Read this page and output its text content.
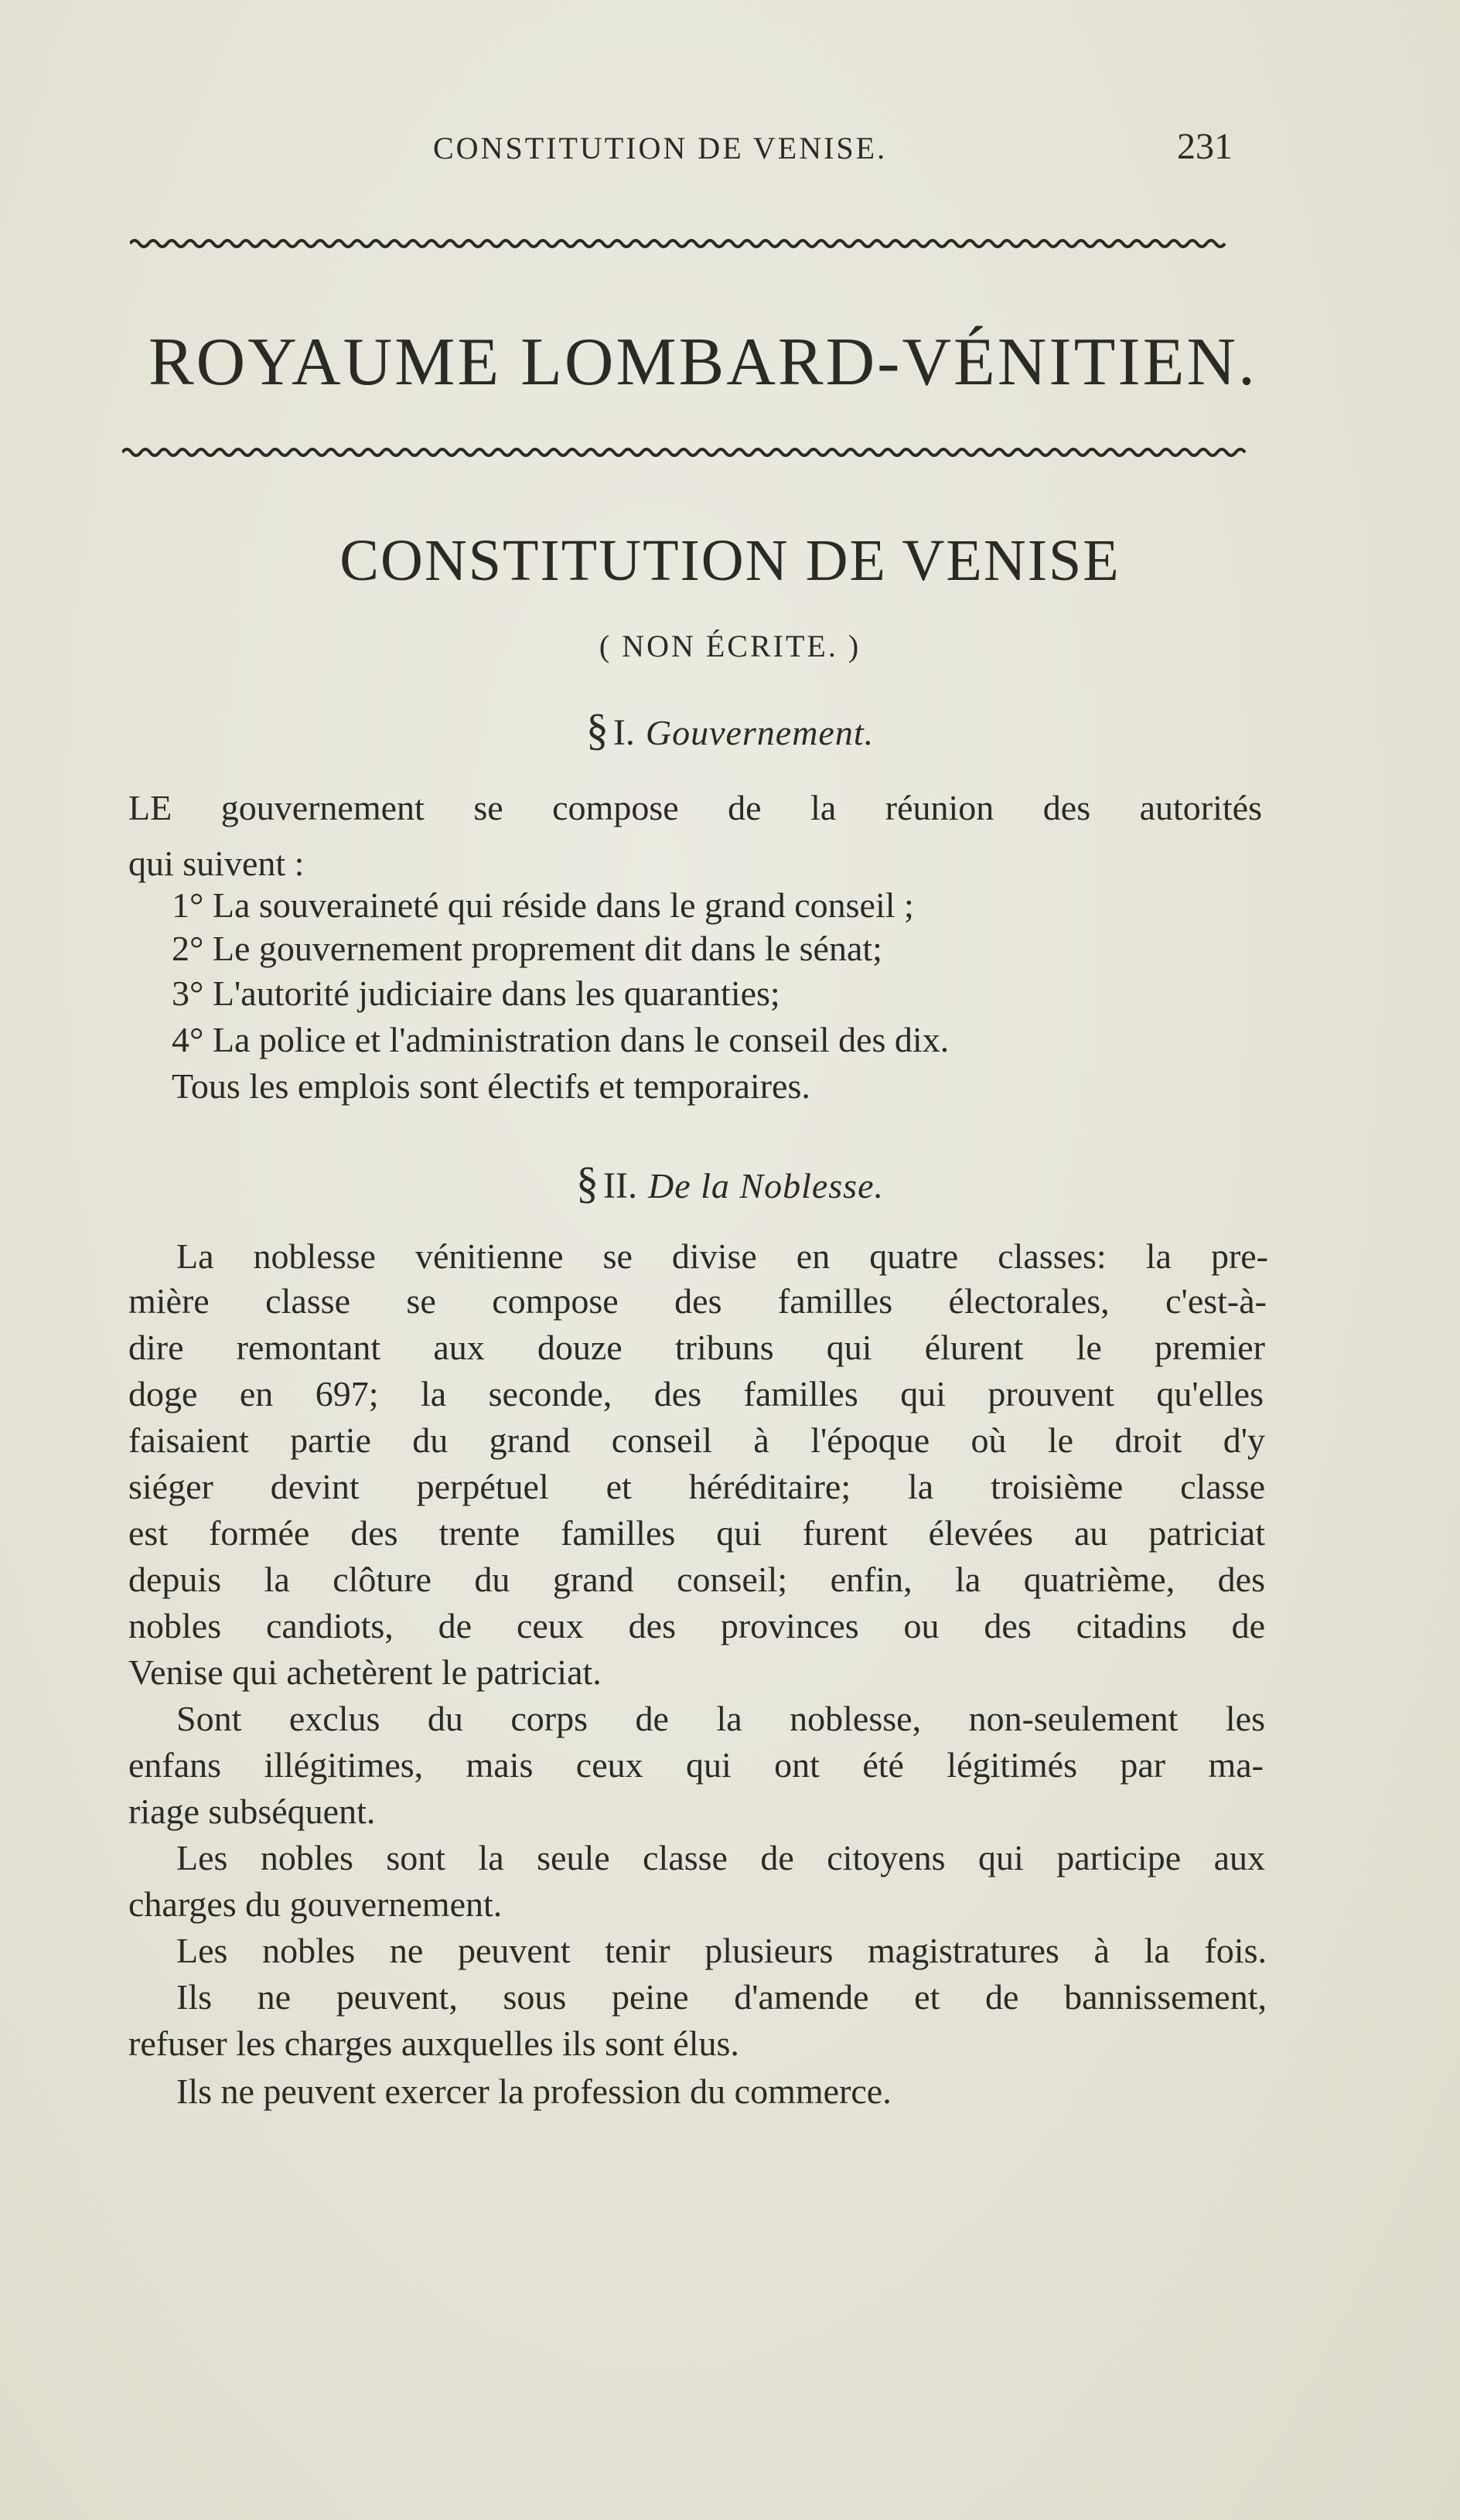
CONSTITUTION DE VENISE.	231
ROYAUME LOMBARD-VÉNITIEN.
CONSTITUTION DE VENISE
( NON ÉCRITE. )
§ I. Gouvernement.
LE gouvernement se compose de la réunion des autorités
qui suivent :
1° La souveraineté qui réside dans le grand conseil ;
2° Le gouvernement proprement dit dans le sénat;
3° L'autorité judiciaire dans les quaranties;
4° La police et l'administration dans le conseil des dix.
Tous les emplois sont électifs et temporaires.
§ II. De la Noblesse.
La noblesse vénitienne se divise en quatre classes: la pre-
mière classe se compose des familles électorales, c'est-à-
dire remontant aux douze tribuns qui élurent le premier
doge en 697; la seconde, des familles qui prouvent qu'elles
faisaient partie du grand conseil à l'époque où le droit d'y
siéger devint perpétuel et héréditaire; la troisième classe
est formée des trente familles qui furent élevées au patriciat
depuis la clôture du grand conseil; enfin, la quatrième, des
nobles candiots, de ceux des provinces ou des citadins de
Venise qui achetèrent le patriciat.
Sont exclus du corps de la noblesse, non-seulement les
enfans illégitimes, mais ceux qui ont été légitimés par ma-
riage subséquent.
Les nobles sont la seule classe de citoyens qui participe aux
charges du gouvernement.
Les nobles ne peuvent tenir plusieurs magistratures à la fois.
Ils ne peuvent, sous peine d'amende et de bannissement,
refuser les charges auxquelles ils sont élus.
Ils ne peuvent exercer la profession du commerce.
